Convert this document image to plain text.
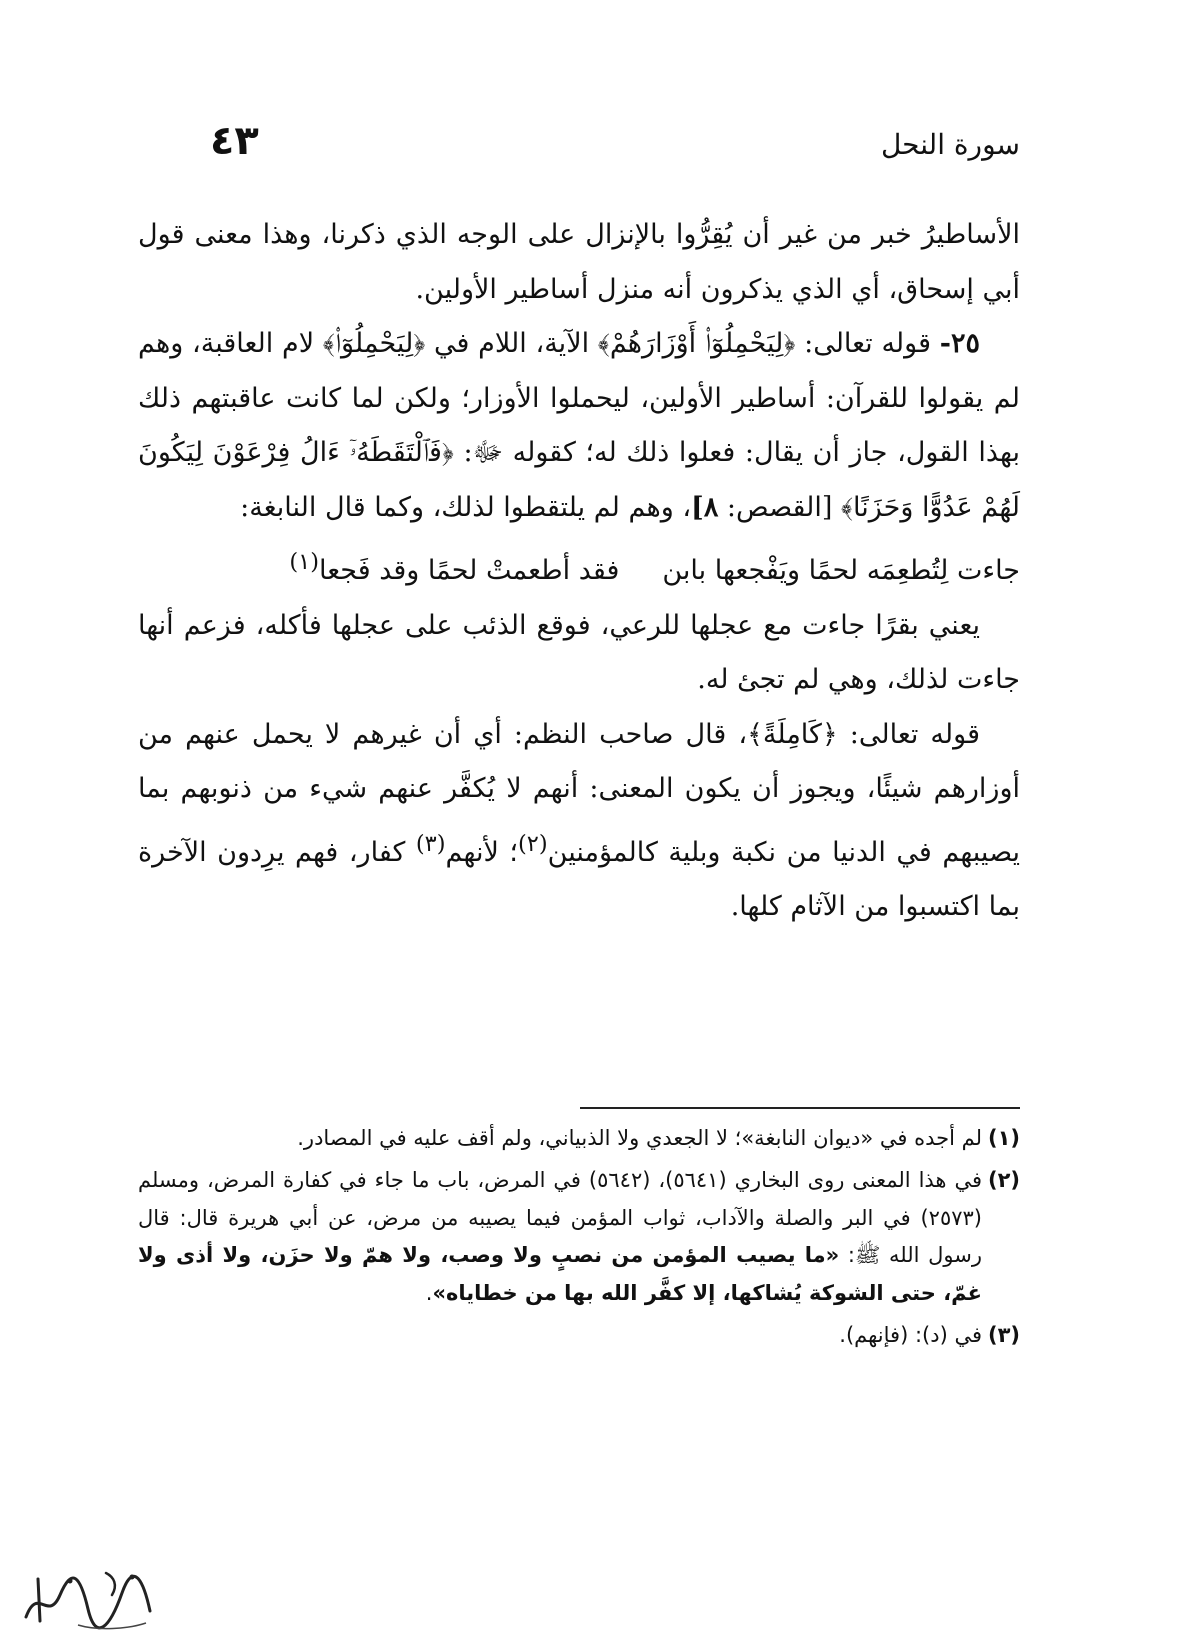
٤٣	سورة النحل

الأساطيرُ خبر من غير أن يُقِرُّوا بالإنزال على الوجه الذي ذكرنا، وهذا معنى قول أبي إسحاق، أي الذي يذكرون أنه منزل أساطير الأولين.

٢٥- قوله تعالى: ﴿لِيَحْمِلُوٓا۟ أَوْزَارَهُمْ﴾ الآية، اللام في ﴿لِيَحْمِلُوٓا۟﴾ لام العاقبة، وهم لم يقولوا للقرآن: أساطير الأولين، ليحملوا الأوزار؛ ولكن لما كانت عاقبتهم ذلك بهذا القول، جاز أن يقال: فعلوا ذلك له؛ كقوله ﷻ: ﴿فَٱلْتَقَطَهُۥٓ ءَالُ فِرْعَوْنَ لِيَكُونَ لَهُمْ عَدُوًّا وَحَزَنًا﴾ [القصص: ٨]، وهم لم يلتقطوا لذلك، وكما قال النابغة:

جاءت لِتُطعِمَه لحمًا ويَفْجعها بابن     فقد أطعمتْ لحمًا وقد فَجعا$^{(١)}$

يعني بقرًا جاءت مع عجلها للرعي، فوقع الذئب على عجلها فأكله، فزعم أنها جاءت لذلك، وهي لم تجئ له.

قوله تعالى: ﴿كَامِلَةً﴾، قال صاحب النظم: أي أن غيرهم لا يحمل عنهم من أوزارهم شيئًا، ويجوز أن يكون المعنى: أنهم لا يُكفَّر عنهم شيء من ذنوبهم بما يصيبهم في الدنيا من نكبة وبلية كالمؤمنين$^{(٢)}$؛ لأنهم$^{(٣)}$ كفار، فهم يرِدون الآخرة بما اكتسبوا من الآثام كلها.

(١)
لم أجده في «ديوان النابغة»؛ لا الجعدي ولا الذبياني، ولم أقف عليه في المصادر.
(٢)
في هذا المعنى روى البخاري (٥٦٤١)، (٥٦٤٢) في المرض، باب ما جاء في كفارة المرض، ومسلم (٢٥٧٣) في البر والصلة والآداب، ثواب المؤمن فيما يصيبه من مرض، عن أبي هريرة قال: قال رسول الله ﷺ: «ما يصيب المؤمن من نصبٍ ولا وصب، ولا همّ ولا حزَن، ولا أذى ولا غمّ، حتى الشوكة يُشاكها، إلا كفَّر الله بها من خطاياه».
(٣)
في (د): (فإنهم).
